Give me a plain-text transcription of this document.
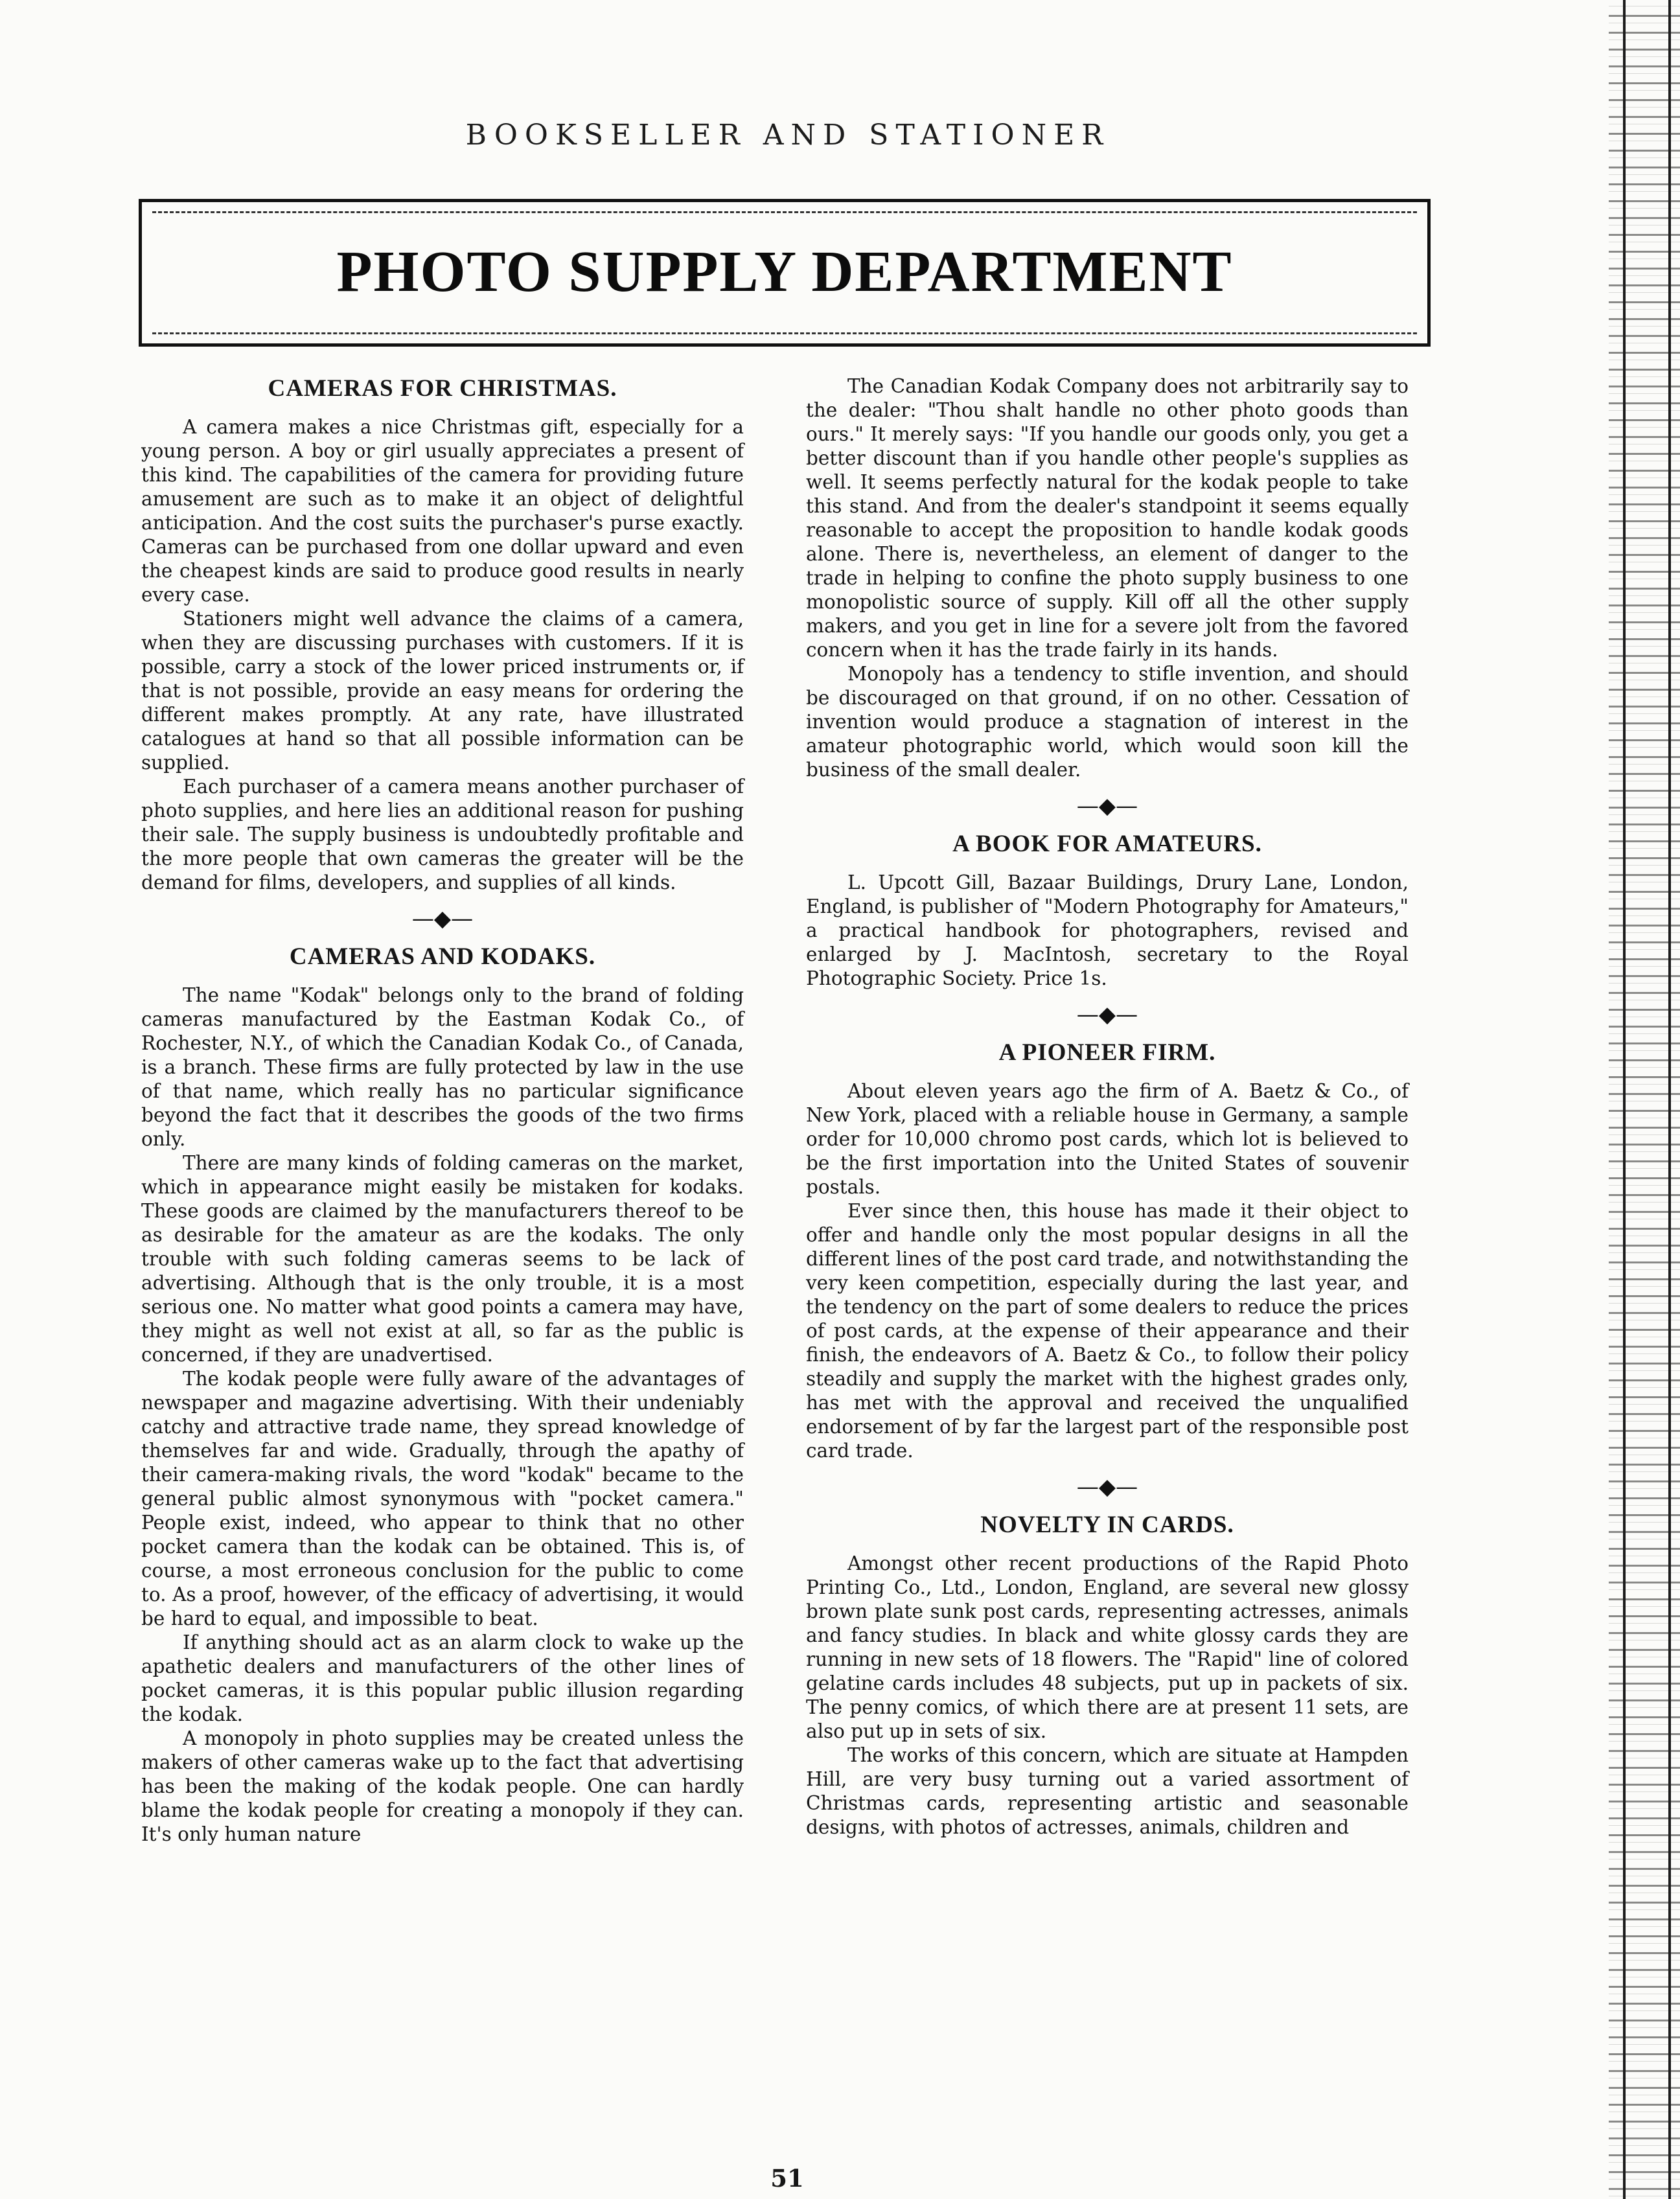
BOOKSELLER AND STATIONER
PHOTO SUPPLY DEPARTMENT
CAMERAS FOR CHRISTMAS.

A camera makes a nice Christmas gift, especially for a young person. A boy or girl usually appreciates a present of this kind. The capabilities of the camera for providing future amusement are such as to make it an object of delightful anticipation. And the cost suits the purchaser's purse exactly. Cameras can be purchased from one dollar upward and even the cheapest kinds are said to produce good results in nearly every case.

Stationers might well advance the claims of a camera, when they are discussing purchases with customers. If it is possible, carry a stock of the lower priced instruments or, if that is not possible, provide an easy means for ordering the different makes promptly. At any rate, have illustrated catalogues at hand so that all possible information can be supplied.

Each purchaser of a camera means another purchaser of photo supplies, and here lies an additional reason for pushing their sale. The supply business is undoubtedly profitable and the more people that own cameras the greater will be the demand for films, developers, and supplies of all kinds.

—◆—
CAMERAS AND KODAKS.

The name "Kodak" belongs only to the brand of folding cameras manufactured by the Eastman Kodak Co., of Rochester, N.Y., of which the Canadian Kodak Co., of Canada, is a branch. These firms are fully protected by law in the use of that name, which really has no particular significance beyond the fact that it describes the goods of the two firms only.

There are many kinds of folding cameras on the market, which in appearance might easily be mistaken for kodaks. These goods are claimed by the manufacturers thereof to be as desirable for the amateur as are the kodaks. The only trouble with such folding cameras seems to be lack of advertising. Although that is the only trouble, it is a most serious one. No matter what good points a camera may have, they might as well not exist at all, so far as the public is concerned, if they are unadvertised.

The kodak people were fully aware of the advantages of newspaper and magazine advertising. With their undeniably catchy and attractive trade name, they spread knowledge of themselves far and wide. Gradually, through the apathy of their camera-making rivals, the word "kodak" became to the general public almost synonymous with "pocket camera." People exist, indeed, who appear to think that no other pocket camera than the kodak can be obtained. This is, of course, a most erroneous conclusion for the public to come to. As a proof, however, of the efficacy of advertising, it would be hard to equal, and impossible to beat.

If anything should act as an alarm clock to wake up the apathetic dealers and manufacturers of the other lines of pocket cameras, it is this popular public illusion regarding the kodak.

A monopoly in photo supplies may be created unless the makers of other cameras wake up to the fact that advertising has been the making of the kodak people. One can hardly blame the kodak people for creating a monopoly if they can. It's only human nature

The Canadian Kodak Company does not arbitrarily say to the dealer: "Thou shalt handle no other photo goods than ours." It merely says: "If you handle our goods only, you get a better discount than if you handle other people's supplies as well. It seems perfectly natural for the kodak people to take this stand. And from the dealer's standpoint it seems equally reasonable to accept the proposition to handle kodak goods alone. There is, nevertheless, an element of danger to the trade in helping to confine the photo supply business to one monopolistic source of supply. Kill off all the other supply makers, and you get in line for a severe jolt from the favored concern when it has the trade fairly in its hands.

Monopoly has a tendency to stifle invention, and should be discouraged on that ground, if on no other. Cessation of invention would produce a stagnation of interest in the amateur photographic world, which would soon kill the business of the small dealer.

—◆—
A BOOK FOR AMATEURS.

L. Upcott Gill, Bazaar Buildings, Drury Lane, London, England, is publisher of "Modern Photography for Amateurs," a practical handbook for photographers, revised and enlarged by J. MacIntosh, secretary to the Royal Photographic Society. Price 1s.

—◆—
A PIONEER FIRM.

About eleven years ago the firm of A. Baetz & Co., of New York, placed with a reliable house in Germany, a sample order for 10,000 chromo post cards, which lot is believed to be the first importation into the United States of souvenir postals.

Ever since then, this house has made it their object to offer and handle only the most popular designs in all the different lines of the post card trade, and notwithstanding the very keen competition, especially during the last year, and the tendency on the part of some dealers to reduce the prices of post cards, at the expense of their appearance and their finish, the endeavors of A. Baetz & Co., to follow their policy steadily and supply the market with the highest grades only, has met with the approval and received the unqualified endorsement of by far the largest part of the responsible post card trade.

—◆—
NOVELTY IN CARDS.

Amongst other recent productions of the Rapid Photo Printing Co., Ltd., London, England, are several new glossy brown plate sunk post cards, representing actresses, animals and fancy studies. In black and white glossy cards they are running in new sets of 18 flowers. The "Rapid" line of colored gelatine cards includes 48 subjects, put up in packets of six. The penny comics, of which there are at present 11 sets, are also put up in sets of six.

The works of this concern, which are situate at Hampden Hill, are very busy turning out a varied assortment of Christmas cards, representing artistic and seasonable designs, with photos of actresses, animals, children and

51
